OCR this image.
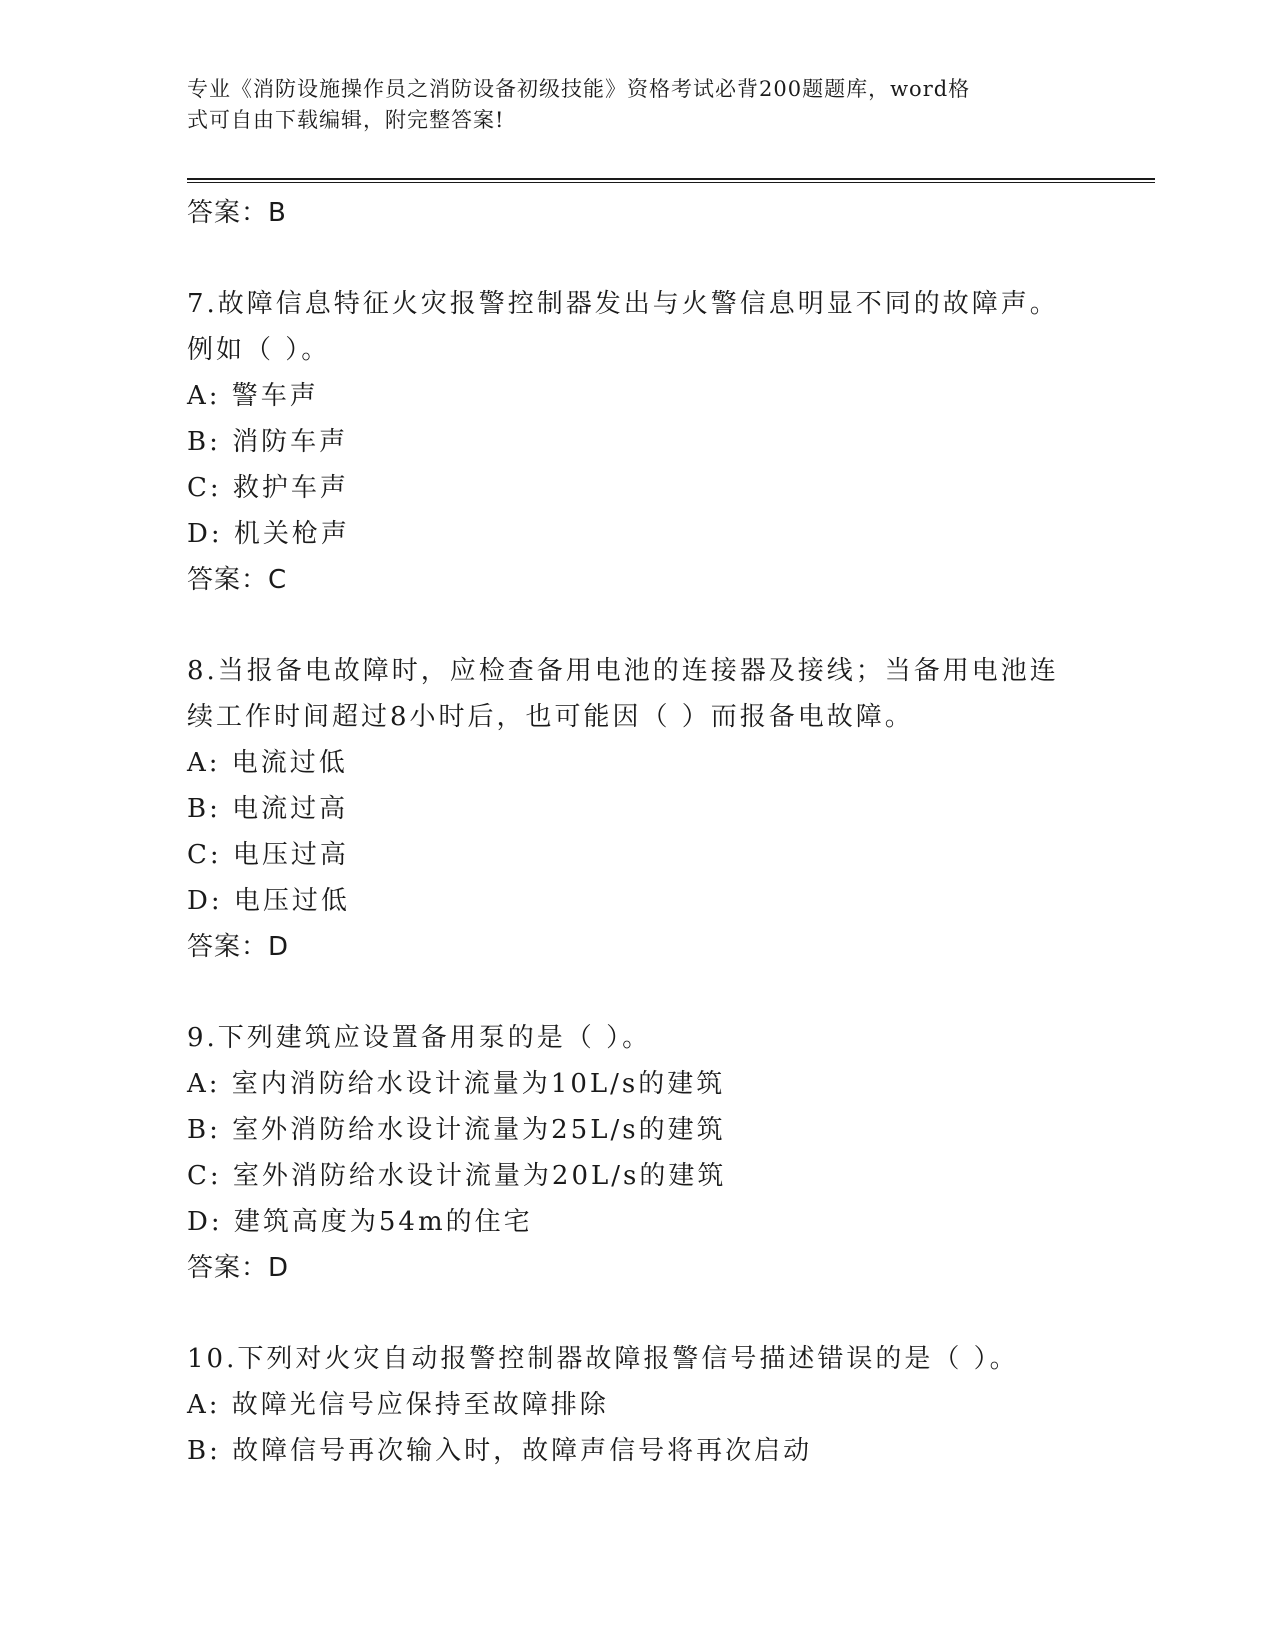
专业《消防设施操作员之消防设备初级技能》资格考试必背200题题库，word格
式可自由下载编辑，附完整答案!
答案：B
7.故障信息特征火灾报警控制器发出与火警信息明显不同的故障声。
例如（ ）。
A: 警车声
B: 消防车声
C: 救护车声
D: 机关枪声
答案：C
8.当报备电故障时，应检查备用电池的连接器及接线；当备用电池连
续工作时间超过8小时后，也可能因（ ）而报备电故障。
A: 电流过低
B: 电流过高
C: 电压过高
D: 电压过低
答案：D
9.下列建筑应设置备用泵的是（ ）。
A: 室内消防给水设计流量为10L/s的建筑
B: 室外消防给水设计流量为25L/s的建筑
C: 室外消防给水设计流量为20L/s的建筑
D: 建筑高度为54m的住宅
答案：D
10.下列对火灾自动报警控制器故障报警信号描述错误的是（ ）。
A: 故障光信号应保持至故障排除
B: 故障信号再次输入时，故障声信号将再次启动
